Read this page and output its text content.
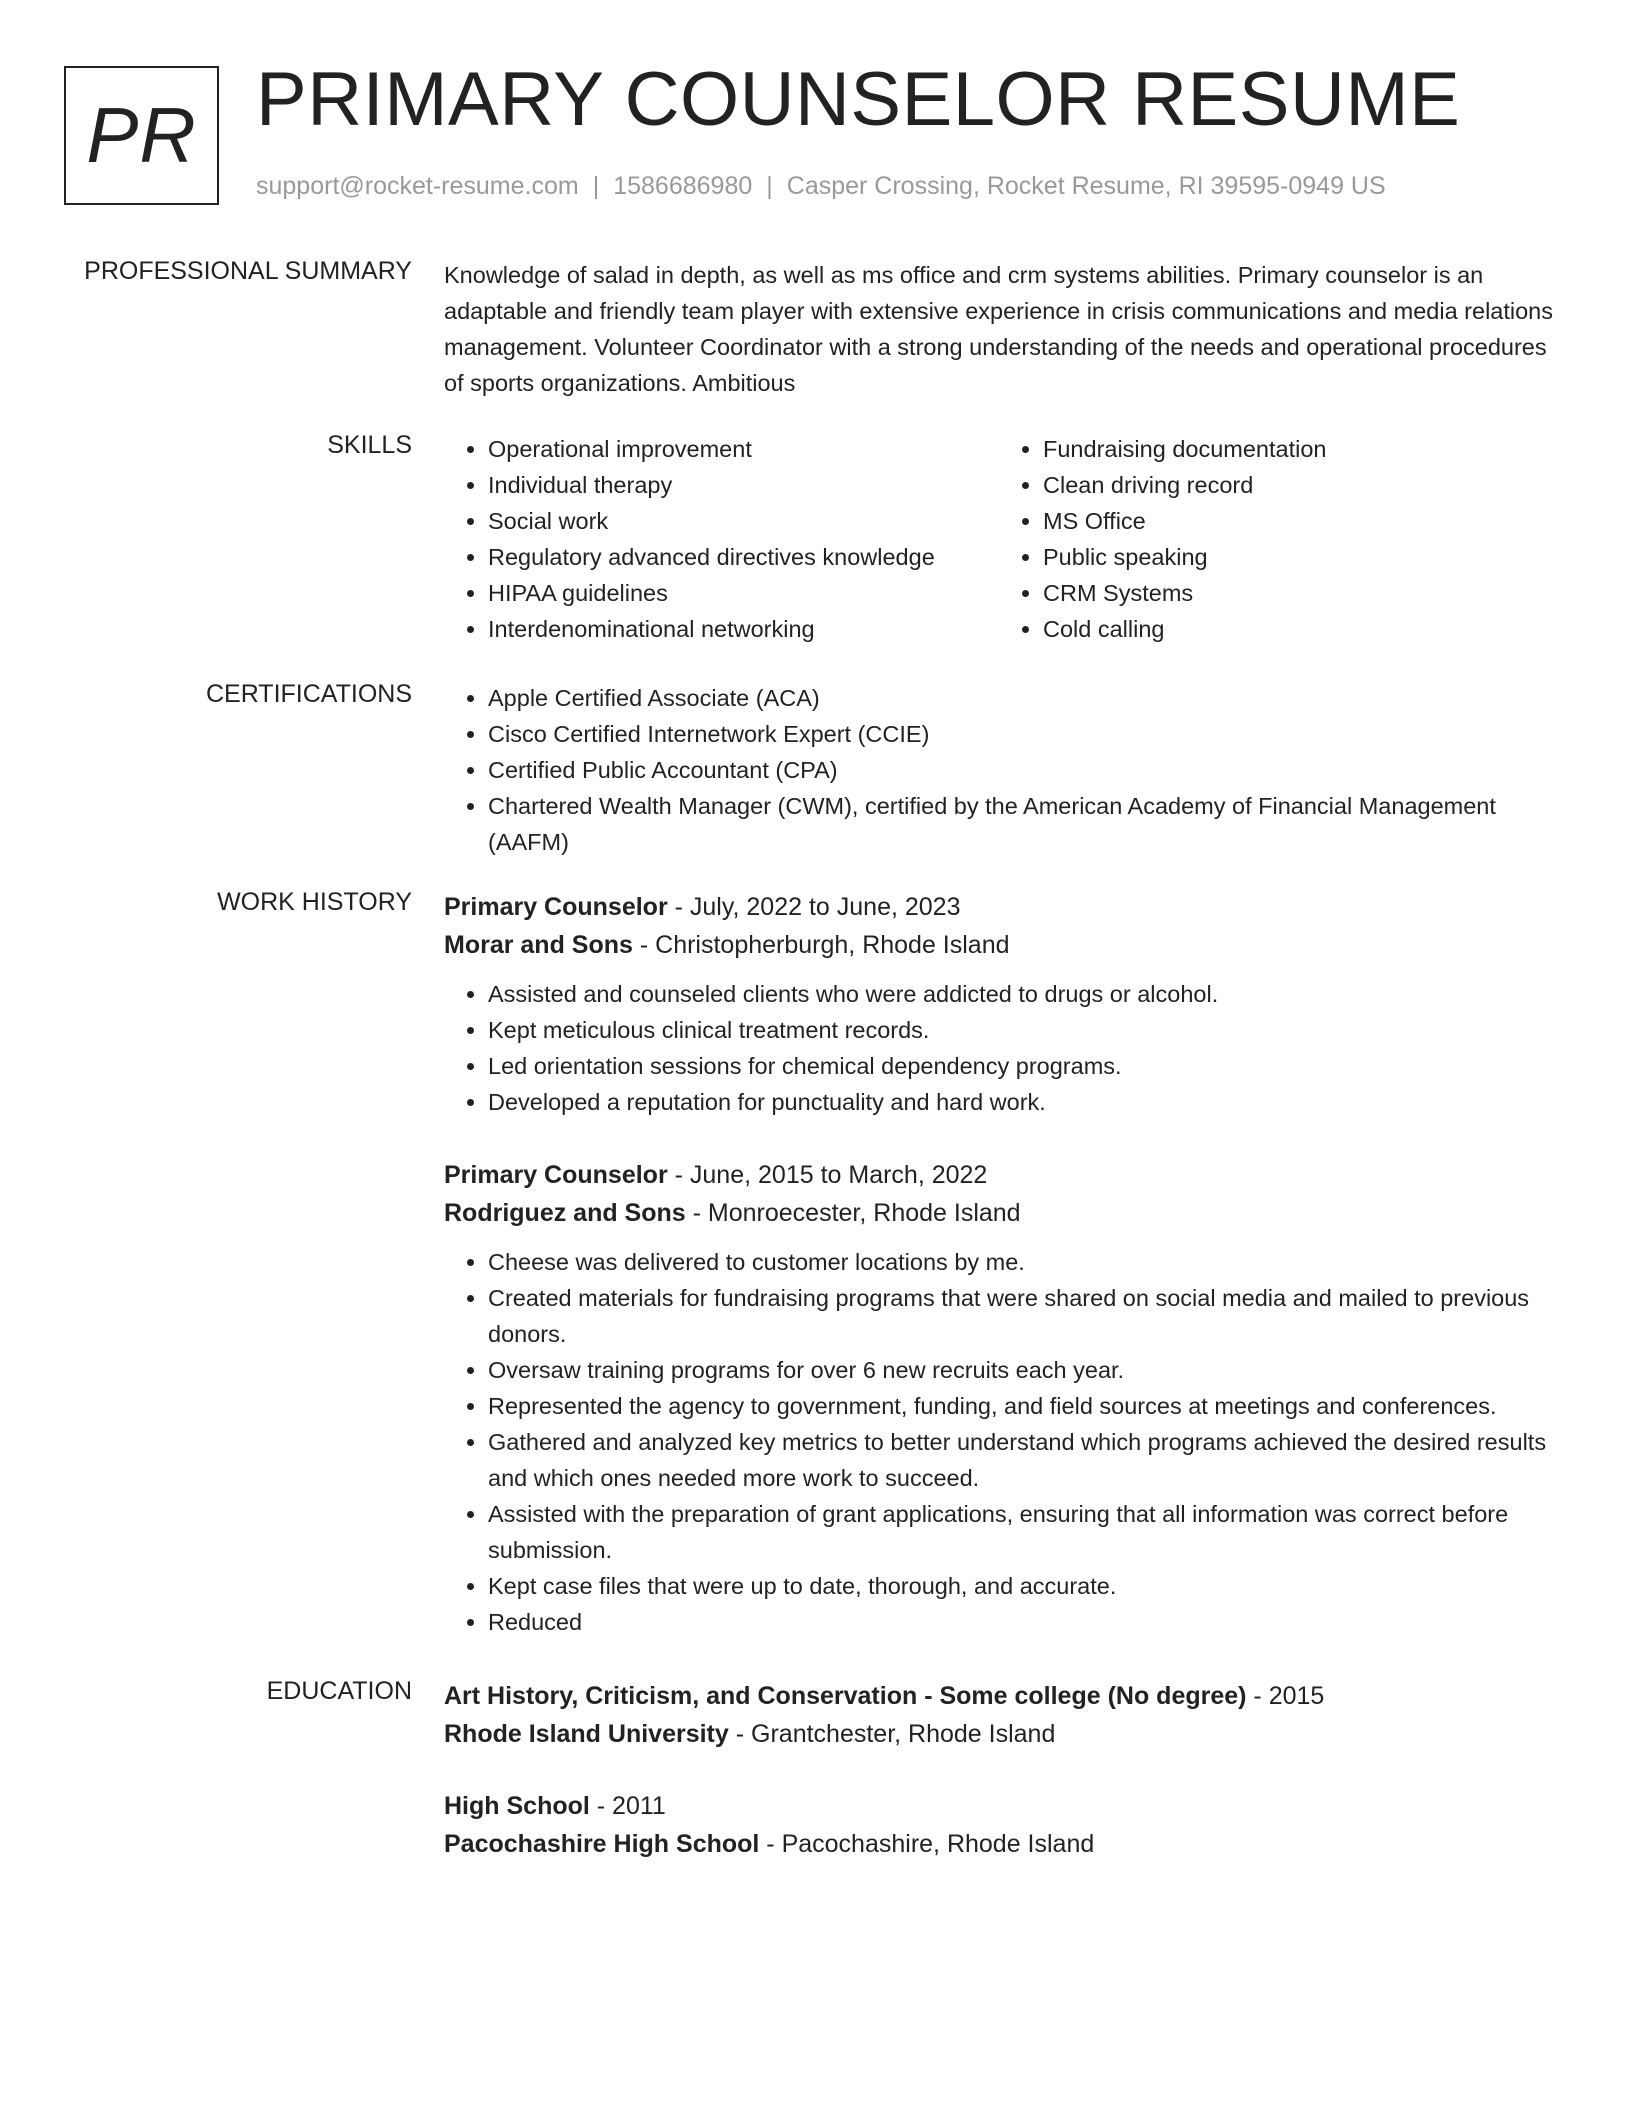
PR PRIMARY COUNSELOR RESUME
support@rocket-resume.com | 1586686980 | Casper Crossing, Rocket Resume, RI 39595-0949 US
PROFESSIONAL SUMMARY Knowledge of salad in depth, as well as ms office and crm systems abilities. Primary counselor is an adaptable and friendly team player with extensive experience in crisis communications and media relations management. Volunteer Coordinator with a strong understanding of the needs and operational procedures of sports organizations. Ambitious

SKILLS	• Operational improvement
• Individual therapy
• Social work
• Regulatory advanced directives knowledge
• HIPAA guidelines
• Interdenominational networking
• Fundraising documentation
• Clean driving record
• MS Office
• Public speaking
• CRM Systems
• Cold calling
CERTIFICATIONS	• Apple Certified Associate (ACA)
• Cisco Certified Internetwork Expert (CCIE)
• Certified Public Accountant (CPA)
• Chartered Wealth Manager (CWM), certified by the American Academy of Financial Management (AAFM)
WORK HISTORY Primary Counselor - July, 2022 to June, 2023

Morar and Sons - Christopherburgh, Rhode Island

• Assisted and counseled clients who were addicted to drugs or alcohol.
• Kept meticulous clinical treatment records.
• Led orientation sessions for chemical dependency programs.
• Developed a reputation for punctuality and hard work.

Primary Counselor - June, 2015 to March, 2022

Rodriguez and Sons - Monroecester, Rhode Island

• Cheese was delivered to customer locations by me.
• Created materials for fundraising programs that were shared on social media and mailed to previous donors.
• Oversaw training programs for over 6 new recruits each year.
• Represented the agency to government, funding, and field sources at meetings and conferences.
• Gathered and analyzed key metrics to better understand which programs achieved the desired results and which ones needed more work to succeed.
• Assisted with the preparation of grant applications, ensuring that all information was correct before submission.
• Kept case files that were up to date, thorough, and accurate.
• Reduced
EDUCATION Art History, Criticism, and Conservation - Some college (No degree) - 2015

Rhode Island University - Grantchester, Rhode Island

High School - 2011

Pacochashire High School - Pacochashire, Rhode Island
